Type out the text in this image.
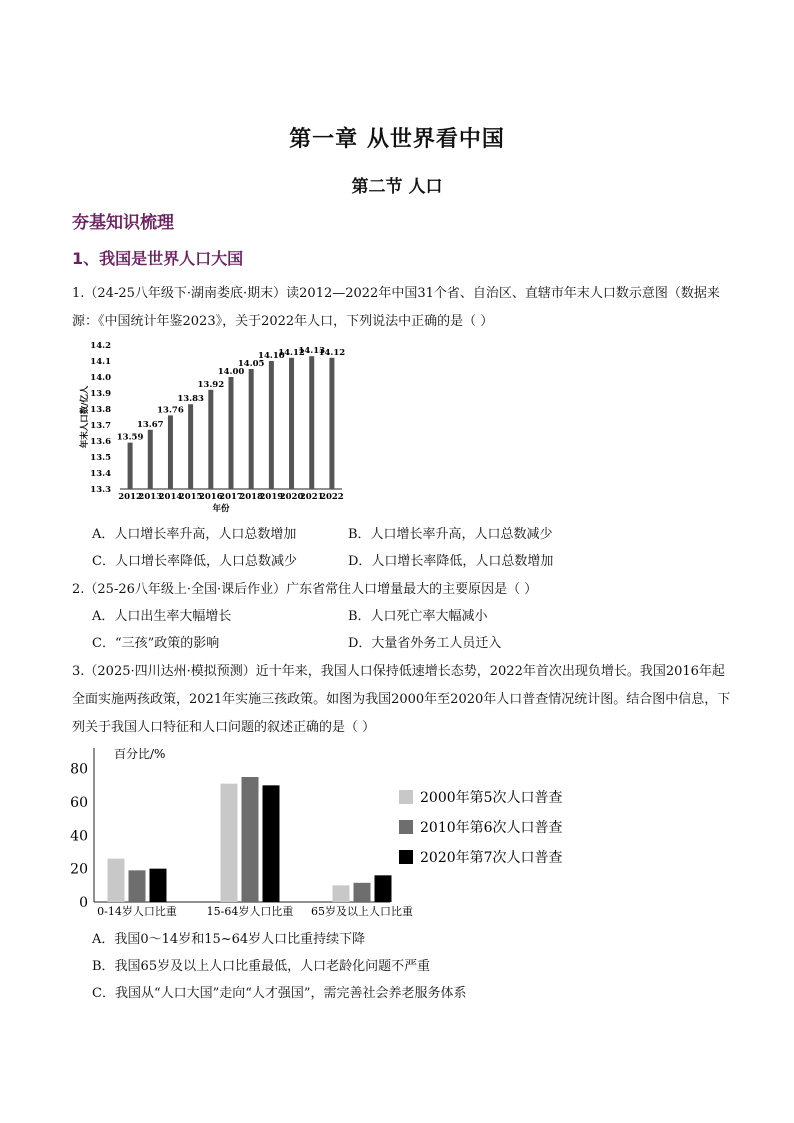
第一章 从世界看中国
第二节 人口
夯基知识梳理
1、我国是世界人口大国
1.（24-25八年级下·湖南娄底·期末）读2012—2022年中国31个省、自治区、直辖市年末人口数示意图（数据来源：《中国统计年鉴2023》，关于2022年人口，下列说法中正确的是（ ）
14.2
14.1
14.0
13.9
13.8
13.7
13.6
13.5
13.4
13.3
年末人口数/亿人	13.59
2012
13.67
2013
13.76
2014
13.83
2015
13.92
2016
14.00
2017
14.05
2018
14.10
2019
14.12
2020
14.13
2021
14.12
2022
年份
A．人口增长率升高，人口总数增加	B．人口增长率升高，人口总数减少
C．人口增长率降低，人口总数减少	D．人口增长率降低，人口总数增加
2.（25-26八年级上·全国·课后作业）广东省常住人口增量最大的主要原因是（ ）
A．人口出生率大幅增长	B．人口死亡率大幅减小
C．“三孩”政策的影响	D．大量省外务工人员迁入
3.（2025·四川达州·模拟预测）近十年来，我国人口保持低速增长态势，2022年首次出现负增长。我国2016年起全面实施两孩政策，2021年实施三孩政策。如图为我国2000年至2020年人口普查情况统计图。结合图中信息，下列关于我国人口特征和人口问题的叙述正确的是（ ）
百分比/%
80
60
40
20
0
0-14岁人口比重	15-64岁人口比重 65岁及以上人口比重
2000年第5次人口普查
2010年第6次人口普查
2020年第7次人口普查
A．我国0～14岁和15~64岁人口比重持续下降
B．我国65岁及以上人口比重最低，人口老龄化问题不严重
C．我国从“人口大国”走向“人才强国”，需完善社会养老服务体系
